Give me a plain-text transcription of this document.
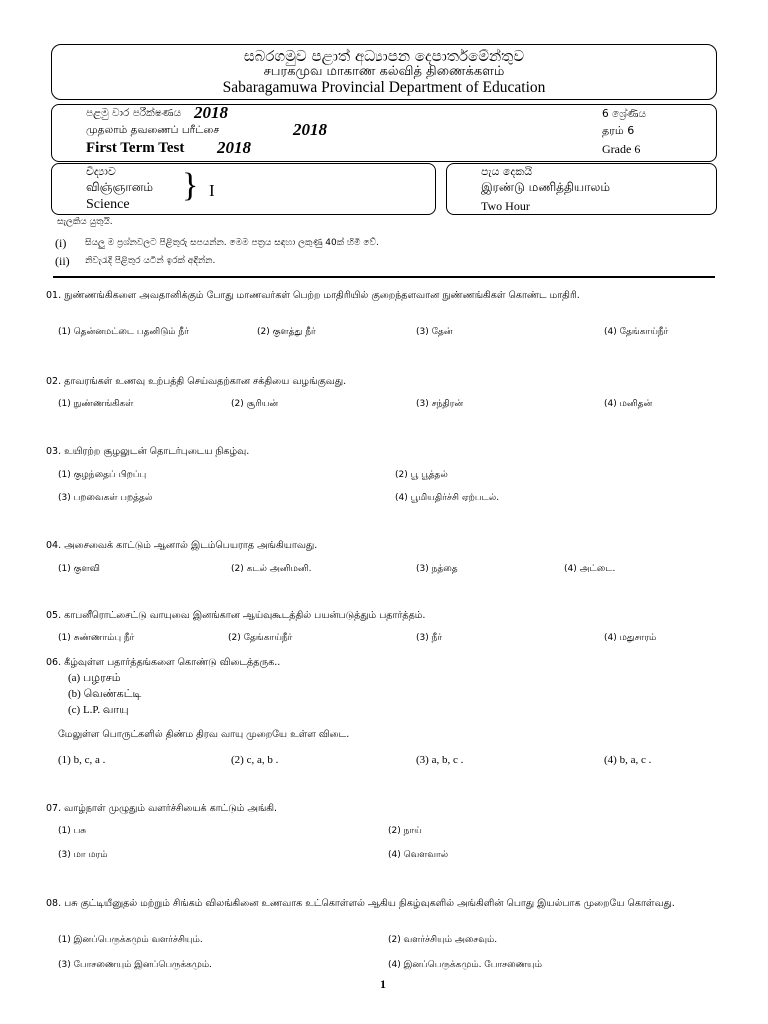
සබරගමුව පළාත් අධ්‍යාපන දෙපාර්තමේන්තුව
சபரகமுவ மாகாண கல்வித் திணைக்களம்
Sabaragamuwa Provincial Department of Education
පළමු වාර පරීක්ෂණය 2018
முதலாம் தவணைப் பரீட்சை	2018
First Term Test 2018
6 ශ්‍රේණිය
தரம் 6
Grade 6
විද්‍යාව
விஞ்ஞானம்
Science
} I
පැය දෙකයි
இரண்டு மணித்தியாலம்
Two Hour
සැලකිය යුතුයි.
(i) සියලු ම ප්‍රශ්නවලට පිළිතුරු සපයන්න. මෙම පත්‍රය සඳහා ලකුණු 40ක් හිමි වේ.
(ii) නිවැරැදි පිළිතුර යටින් ඉරක් අඳින්න.
01. நுண்ணங்கிகளை அவதானிக்கும் போது மாணவர்கள் பெற்ற மாதிரியில் குறைந்தளவான நுண்ணங்கிகள் கொண்ட மாதிரி.
(1) தென்னமட்டை பதனிடும் நீர்	(2) குளத்து நீர்	(3) தேன்	(4) தேங்காய்நீர்
02. தாவரங்கள் உணவு உற்பத்தி செய்வதற்கான சக்தியை வழங்குவது.
(1) நுண்ணங்கிகள்	(2) சூரியன்	(3) சந்திரன்	(4) மனிதன்
03. உயிரற்ற சூழலுடன் தொடர்புடைய நிகழ்வு.
(1) குழந்தைப் பிறப்பு	(2) பூ பூத்தல்
(3) பறவைகள் பறத்தல்	(4) பூமியதிர்ச்சி ஏற்படல்.
04. அசைவைக் காட்டும் ஆனால் இடம்பெயராத அங்கியாவது.
(1) குளவி	(2) கடல் அனிமனி.	(3) நத்தை	(4) அட்டை.
05. காபனீரொட்சைட்டு வாயுவை இனங்கான ஆய்வுகூடத்தில் பயன்படுத்தும் பதார்த்தம்.
(1) சுண்ணாம்பு நீர்	(2) தேங்காய்நீர்	(3) நீர்	(4) மதுசாரம்
06. கீழ்வுள்ள பதார்த்தங்களை கொண்டு விடைத்தருக..
(a) பழரசம்
(b) வெண்கட்டி
(c) L.P. வாயு
மேலுள்ள பொருட்களில் திண்ம திரவ வாயு முறையே உள்ள விடை.
(1) b, c, a .	(2) c, a, b .	(3) a, b, c .	(4) b, a, c .
07. வாழ்நாள் முழுதும் வளர்ச்சியைக் காட்டும் அங்கி.
(1) பசு	(2) நாய்
(3) மா மரம்	(4) வௌவால்
08. பசு குட்டியீனுதல் மற்றும் சிங்கம் விலங்கினை உணவாக உட்கொள்ளல் ஆகிய நிகழ்வுகளில் அங்கிளின் பொது இயல்பாக முறையே கொள்வது.
(1) இனப்பெருக்கமும் வளர்ச்சியும்.	(2) வளர்ச்சியும் அசைவும்.
(3) போசணையும் இனப்பெருக்கமும்.	(4) இனப்பெருக்கமும். போசணையும்
1
